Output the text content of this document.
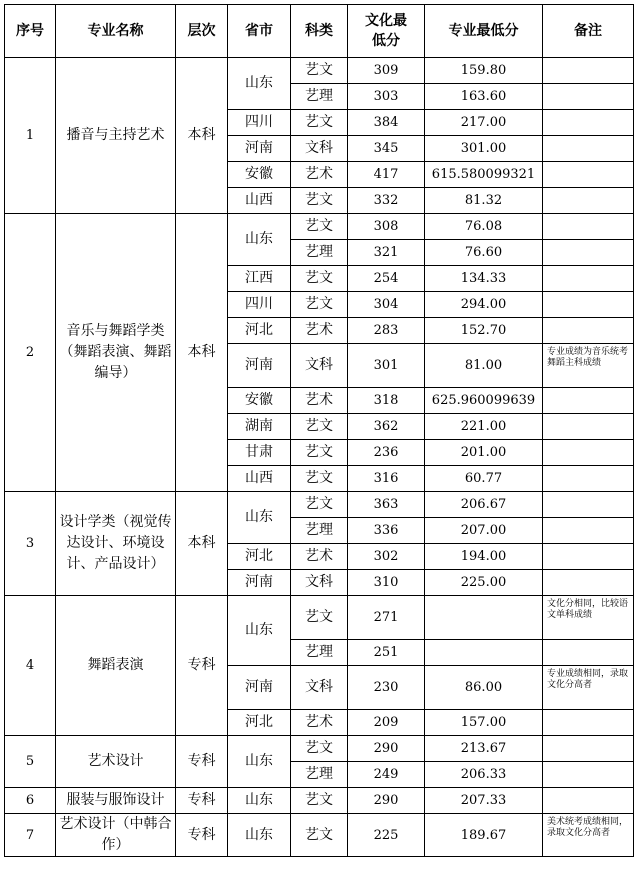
序号	专业名称	层次	省市	科类	文化最低分	专业最低分	备注
1	播音与主持艺术	本科	山东	艺文	309	159.80	
				艺理	303	163.60	
			四川	艺文	384	217.00	
			河南	文科	345	301.00	
			安徽	艺术	417	615.580099321	
			山西	艺文	332	81.32	
2	音乐与舞蹈学类（舞蹈表演、舞蹈编导）	本科	山东	艺文	308	76.08	
				艺理	321	76.60	
			江西	艺文	254	134.33	
			四川	艺文	304	294.00	
			河北	艺术	283	152.70	
			河南	文科	301	81.00	专业成绩为音乐统考舞蹈主科成绩
			安徽	艺术	318	625.960099639	
			湖南	艺文	362	221.00	
			甘肃	艺文	236	201.00	
			山西	艺文	316	60.77	
3	设计学类（视觉传达设计、环境设计、产品设计）	本科	山东	艺文	363	206.67	
				艺理	336	207.00	
			河北	艺术	302	194.00	
			河南	文科	310	225.00	
4	舞蹈表演	专科	山东	艺文	271		文化分相同，比较语文单科成绩
				艺理	251		
			河南	文科	230	86.00	专业成绩相同，录取文化分高者
			河北	艺术	209	157.00	
5	艺术设计	专科	山东	艺文	290	213.67	
				艺理	249	206.33	
6	服装与服饰设计	专科	山东	艺文	290	207.33	
7	艺术设计（中韩合作）	专科	山东	艺文	225	189.67	美术统考成绩相同，录取文化分高者
